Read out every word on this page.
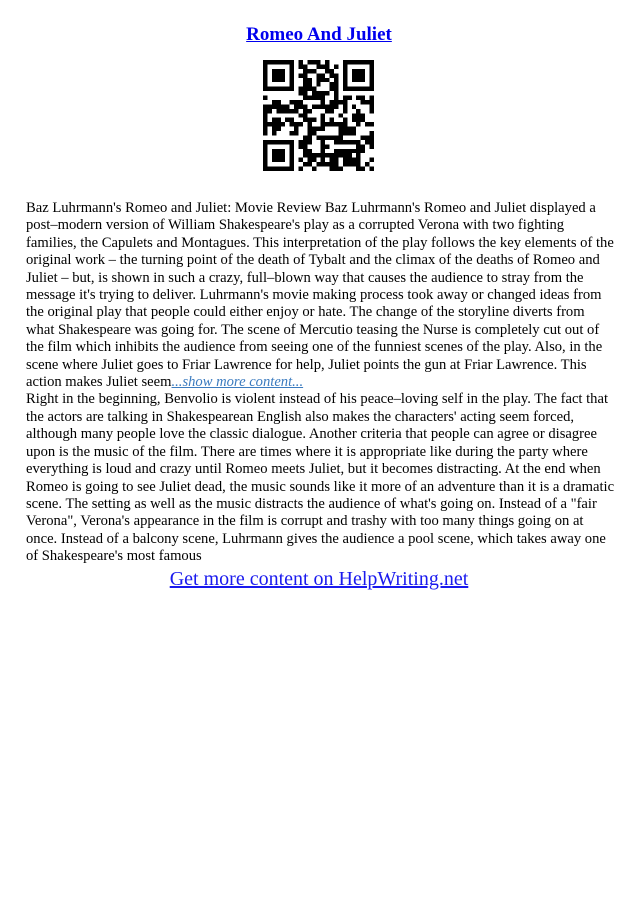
Romeo And Juliet

Baz Luhrmann's Romeo and Juliet: Movie Review Baz Luhrmann's Romeo and Juliet displayed a post–modern version of William Shakespeare's play as a corrupted Verona with two fighting families, the Capulets and Montagues. This interpretation of the play follows the key elements of the original work – the turning point of the death of Tybalt and the climax of the deaths of Romeo and Juliet – but, is shown in such a crazy, full–blown way that causes the audience to stray from the message it's trying to deliver. Luhrmann's movie making process took away or changed ideas from the original play that people could either enjoy or hate. The change of the storyline diverts from what Shakespeare was going for. The scene of Mercutio teasing the Nurse is completely cut out of the film which inhibits the audience from seeing one of the funniest scenes of the play. Also, in the scene where Juliet goes to Friar Lawrence for help, Juliet points the gun at Friar Lawrence. This action makes Juliet seem...show more content...

Right in the beginning, Benvolio is violent instead of his peace–loving self in the play. The fact that the actors are talking in Shakespearean English also makes the characters' acting seem forced, although many people love the classic dialogue. Another criteria that people can agree or disagree upon is the music of the film. There are times where it is appropriate like during the party where everything is loud and crazy until Romeo meets Juliet, but it becomes distracting. At the end when Romeo is going to see Juliet dead, the music sounds like it more of an adventure than it is a dramatic scene. The setting as well as the music distracts the audience of what's going on. Instead of a "fair Verona", Verona's appearance in the film is corrupt and trashy with too many things going on at once. Instead of a balcony scene, Luhrmann gives the audience a pool scene, which takes away one of Shakespeare's most famous

Get more content on HelpWriting.net
